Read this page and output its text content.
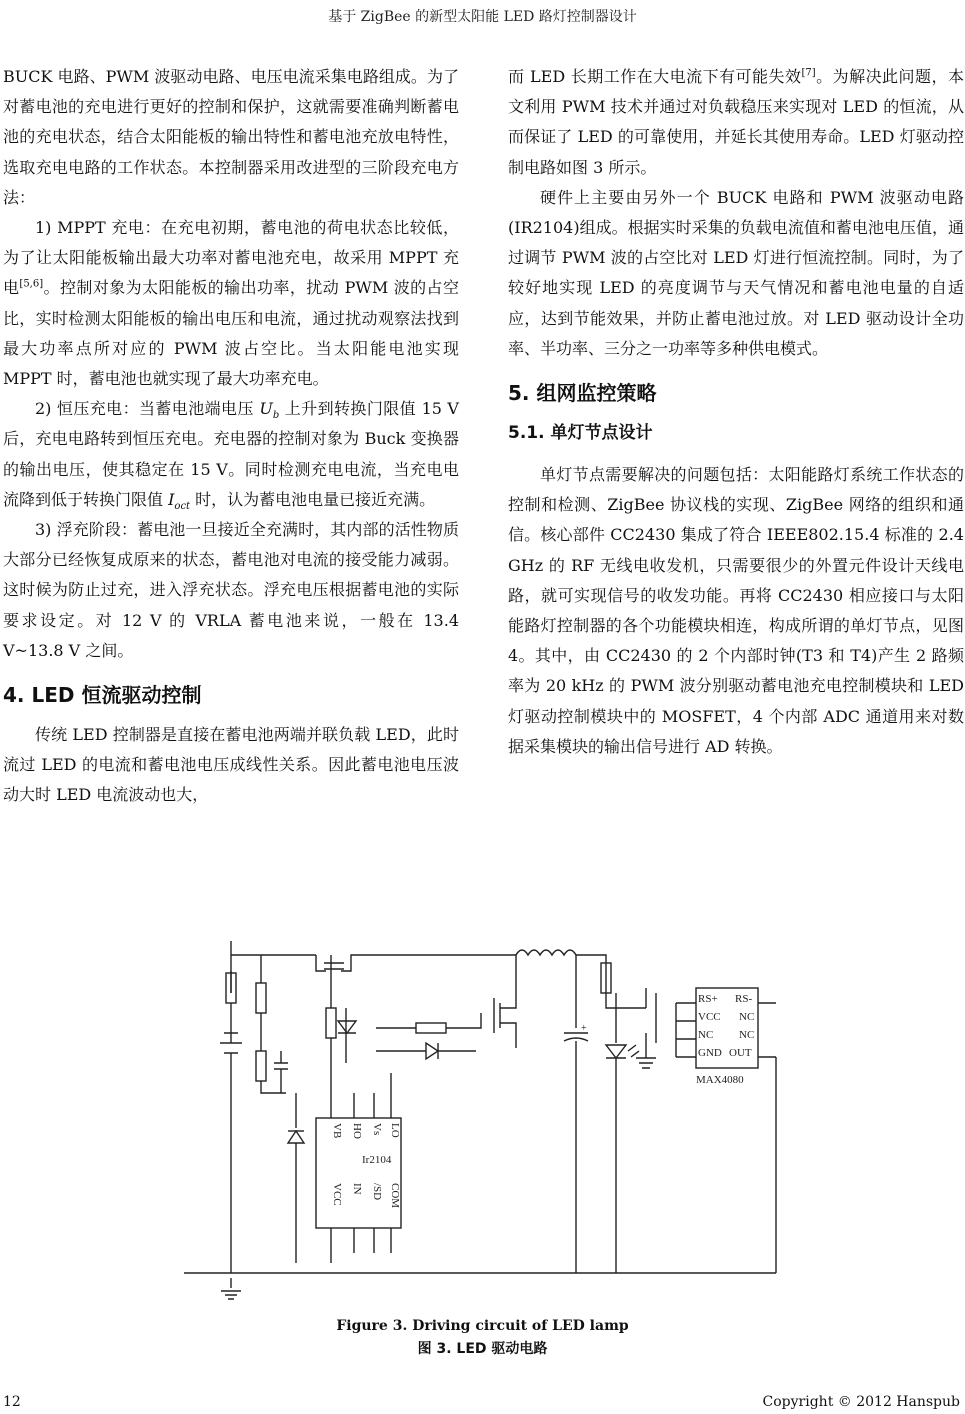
基于 ZigBee 的新型太阳能 LED 路灯控制器设计

BUCK 电路、PWM 波驱动电路、电压电流采集电路组成。为了对蓄电池的充电进行更好的控制和保护，这就需要准确判断蓄电池的充电状态，结合太阳能板的输出特性和蓄电池充放电特性，选取充电电路的工作状态。本控制器采用改进型的三阶段充电方法：

1) MPPT 充电：在充电初期，蓄电池的荷电状态比较低，为了让太阳能板输出最大功率对蓄电池充电，故采用 MPPT 充电[5,6]。控制对象为太阳能板的输出功率，扰动 PWM 波的占空比，实时检测太阳能板的输出电压和电流，通过扰动观察法找到最大功率点所对应的 PWM 波占空比。当太阳能电池实现 MPPT 时，蓄电池也就实现了最大功率充电。

2) 恒压充电：当蓄电池端电压 $U_b$ 上升到转换门限值 15 V 后，充电电路转到恒压充电。充电器的控制对象为 Buck 变换器的输出电压，使其稳定在 15 V。同时检测充电电流，当充电电流降到低于转换门限值 $I_{oct}$ 时，认为蓄电池电量已接近充满。

3) 浮充阶段：蓄电池一旦接近全充满时，其内部的活性物质大部分已经恢复成原来的状态，蓄电池对电流的接受能力减弱。这时候为防止过充，进入浮充状态。浮充电压根据蓄电池的实际要求设定。对 12 V 的 VRLA 蓄电池来说，一般在 13.4 V~13.8 V 之间。

4. LED 恒流驱动控制

传统 LED 控制器是直接在蓄电池两端并联负载 LED，此时流过 LED 的电流和蓄电池电压成线性关系。因此蓄电池电压波动大时 LED 电流波动也大，

而 LED 长期工作在大电流下有可能失效[7]。为解决此问题，本文利用 PWM 技术并通过对负载稳压来实现对 LED 的恒流，从而保证了 LED 的可靠使用，并延长其使用寿命。LED 灯驱动控制电路如图 3 所示。

硬件上主要由另外一个 BUCK 电路和 PWM 波驱动电路(IR2104)组成。根据实时采集的负载电流值和蓄电池电压值，通过调节 PWM 波的占空比对 LED 灯进行恒流控制。同时，为了较好地实现 LED 的亮度调节与天气情况和蓄电池电量的自适应，达到节能效果，并防止蓄电池过放。对 LED 驱动设计全功率、半功率、三分之一功率等多种供电模式。

5. 组网监控策略
5.1. 单灯节点设计

单灯节点需要解决的问题包括：太阳能路灯系统工作状态的控制和检测、ZigBee 协议栈的实现、ZigBee 网络的组织和通信。核心部件 CC2430 集成了符合 IEEE802.15.4 标准的 2.4 GHz 的 RF 无线电收发机，只需要很少的外置元件设计天线电路，就可实现信号的收发功能。再将 CC2430 相应接口与太阳能路灯控制器的各个功能模块相连，构成所谓的单灯节点，见图 4。其中，由 CC2430 的 2 个内部时钟(T3 和 T4)产生 2 路频率为 20 kHz 的 PWM 波分别驱动蓄电池充电控制模块和 LED 灯驱动控制模块中的 MOSFET，4 个内部 ADC 通道用来对数据采集模块的输出信号进行 AD 转换。

Ir2104
RS+ RS-
VCC NC
NC NC
GND OUT
MAX4080
+
VB HO Vs LO
VCC IN /SD COM
Figure 3. Driving circuit of LED lamp
图 3. LED 驱动电路
12	Copyright © 2012 Hanspub
